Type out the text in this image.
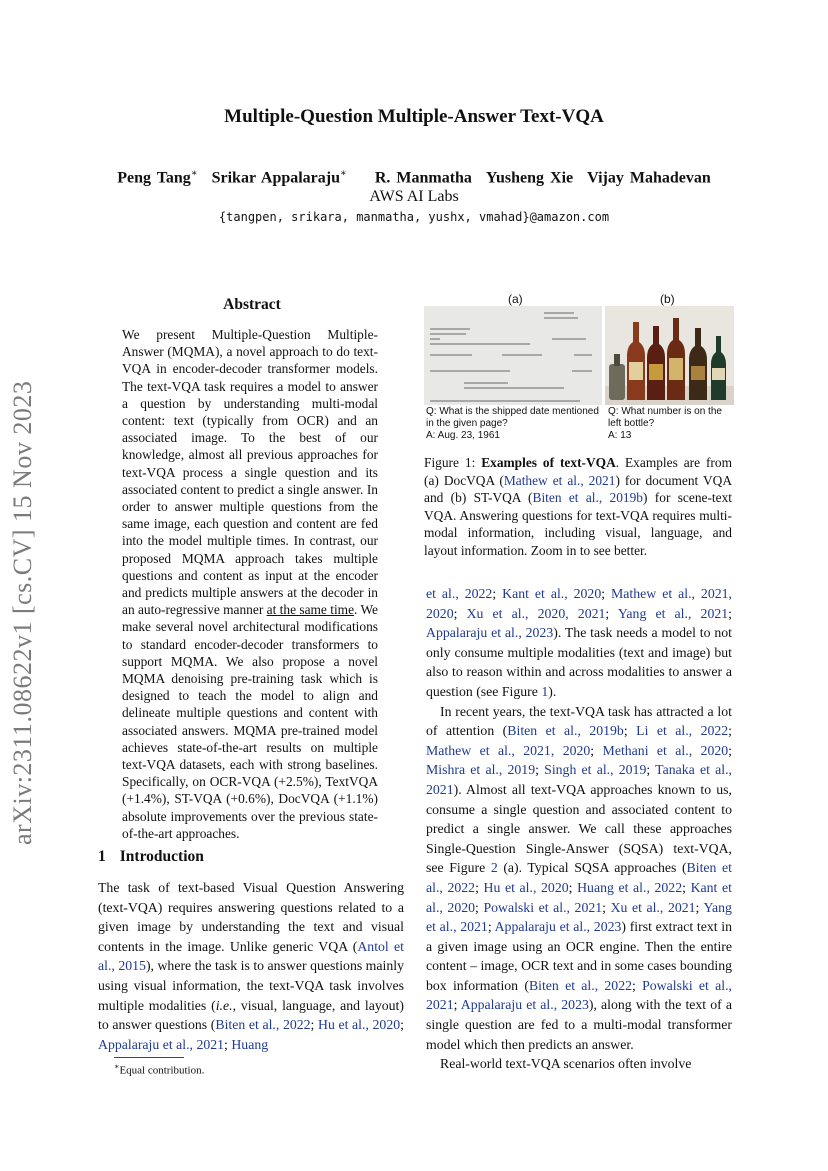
arXiv:2311.08622v1 [cs.CV] 15 Nov 2023
Multiple-Question Multiple-Answer Text-VQA
Peng Tang∗ Srikar Appalaraju∗ R. Manmatha Yusheng Xie Vijay Mahadevan
AWS AI Labs
{tangpen, srikara, manmatha, yushx, vmahad}@amazon.com
Abstract
We present Multiple-Question Multiple-Answer (MQMA), a novel approach to do text-VQA in encoder-decoder transformer models. The text-VQA task requires a model to answer a question by understanding multi-modal content: text (typically from OCR) and an associated image. To the best of our knowledge, almost all previous approaches for text-VQA process a single question and its associated content to predict a single answer. In order to answer multiple questions from the same image, each question and content are fed into the model multiple times. In contrast, our proposed MQMA approach takes multiple questions and content as input at the encoder and predicts multiple answers at the decoder in an auto-regressive manner at the same time. We make several novel architectural modifications to standard encoder-decoder transformers to support MQMA. We also propose a novel MQMA denoising pre-training task which is designed to teach the model to align and delineate multiple questions and content with associated answers. MQMA pre-trained model achieves state-of-the-art results on multiple text-VQA datasets, each with strong baselines. Specifically, on OCR-VQA (+2.5%), TextVQA (+1.4%), ST-VQA (+0.6%), DocVQA (+1.1%) absolute improvements over the previous state-of-the-art approaches.
1 Introduction
The task of text-based Visual Question Answering (text-VQA) requires answering questions related to a given image by understanding the text and visual contents in the image. Unlike generic VQA (Antol et al., 2015), where the task is to answer questions mainly using visual information, the text-VQA task involves multiple modalities (i.e., visual, language, and layout) to answer questions (Biten et al., 2022; Hu et al., 2020; Appalaraju et al., 2021; Huang
∗Equal contribution.
(a)	(b)
Q: What is the shipped date mentioned in the given page?
A: Aug. 23, 1961
Q: What number is on the left bottle?
A: 13
Figure 1: Examples of text-VQA. Examples are from (a) DocVQA (Mathew et al., 2021) for document VQA and (b) ST-VQA (Biten et al., 2019b) for scene-text VQA. Answering questions for text-VQA requires multi-modal information, including visual, language, and layout information. Zoom in to see better.

et al., 2022; Kant et al., 2020; Mathew et al., 2021, 2020; Xu et al., 2020, 2021; Yang et al., 2021; Appalaraju et al., 2023). The task needs a model to not only consume multiple modalities (text and image) but also to reason within and across modalities to answer a question (see Figure 1).

In recent years, the text-VQA task has attracted a lot of attention (Biten et al., 2019b; Li et al., 2022; Mathew et al., 2021, 2020; Methani et al., 2020; Mishra et al., 2019; Singh et al., 2019; Tanaka et al., 2021). Almost all text-VQA approaches known to us, consume a single question and associated content to predict a single answer. We call these approaches Single-Question Single-Answer (SQSA) text-VQA, see Figure 2 (a). Typical SQSA approaches (Biten et al., 2022; Hu et al., 2020; Huang et al., 2022; Kant et al., 2020; Powalski et al., 2021; Xu et al., 2021; Yang et al., 2021; Appalaraju et al., 2023) first extract text in a given image using an OCR engine. Then the entire content – image, OCR text and in some cases bounding box information (Biten et al., 2022; Powalski et al., 2021; Appalaraju et al., 2023), along with the text of a single question are fed to a multi-modal transformer model which then predicts an answer.

Real-world text-VQA scenarios often involve
